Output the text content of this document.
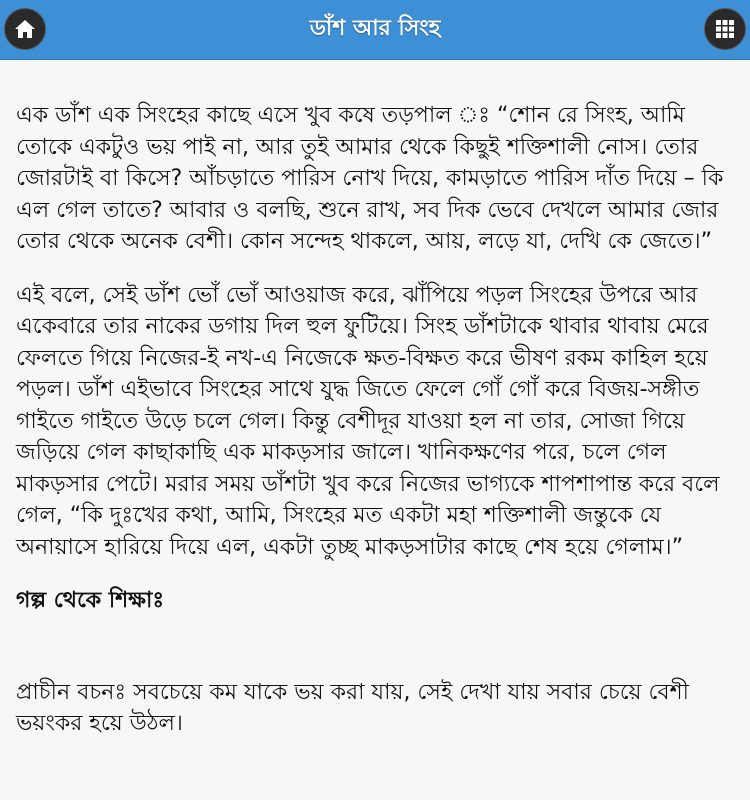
ডাঁশ আর সিংহ

এক ডাঁশ এক সিংহের কাছে এসে খুব কষে তড়পাল ঃ “শোন রে সিংহ, আমি তোকে একটুও ভয় পাই না, আর তুই আমার থেকে কিছুই শক্তিশালী নোস। তোর জোরটাই বা কিসে? আঁচড়াতে পারিস নোখ দিয়ে, কামড়াতে পারিস দাঁত দিয়ে – কি এল গেল তাতে? আবার ও বলছি, শুনে রাখ, সব দিক ভেবে দেখলে আমার জোর তোর থেকে অনেক বেশী। কোন সন্দেহ থাকলে, আয়, লড়ে যা, দেখি কে জেতে।”

এই বলে, সেই ডাঁশ ভোঁ ভোঁ আওয়াজ করে, ঝাঁপিয়ে পড়ল সিংহের উপরে আর একেবারে তার নাকের ডগায় দিল হুল ফুটিয়ে। সিংহ ডাঁশটাকে থাবার থাবায় মেরে ফেলতে গিয়ে নিজের-ই নখ-এ নিজেকে ক্ষত-বিক্ষত করে ভীষণ রকম কাহিল হয়ে পড়ল। ডাঁশ এইভাবে সিংহের সাথে যুদ্ধ জিতে ফেলে গোঁ গোঁ করে বিজয়-সঙ্গীত গাইতে গাইতে উড়ে চলে গেল। কিন্তু বেশীদূর যাওয়া হল না তার, সোজা গিয়ে জড়িয়ে গেল কাছাকাছি এক মাকড়সার জালে। খানিকক্ষণের পরে, চলে গেল মাকড়সার পেটে। মরার সময় ডাঁশটা খুব করে নিজের ভাগ্যকে শাপশাপান্ত করে বলে গেল, “কি দুঃখের কথা, আমি, সিংহের মত একটা মহা শক্তিশালী জন্তুকে যে অনায়াসে হারিয়ে দিয়ে এল, একটা তুচ্ছ মাকড়সাটার কাছে শেষ হয়ে গেলাম।”

গল্প থেকে শিক্ষাঃ

প্রাচীন বচনঃ সবচেয়ে কম যাকে ভয় করা যায়, সেই দেখা যায় সবার চেয়ে বেশী ভয়ংকর হয়ে উঠল।
